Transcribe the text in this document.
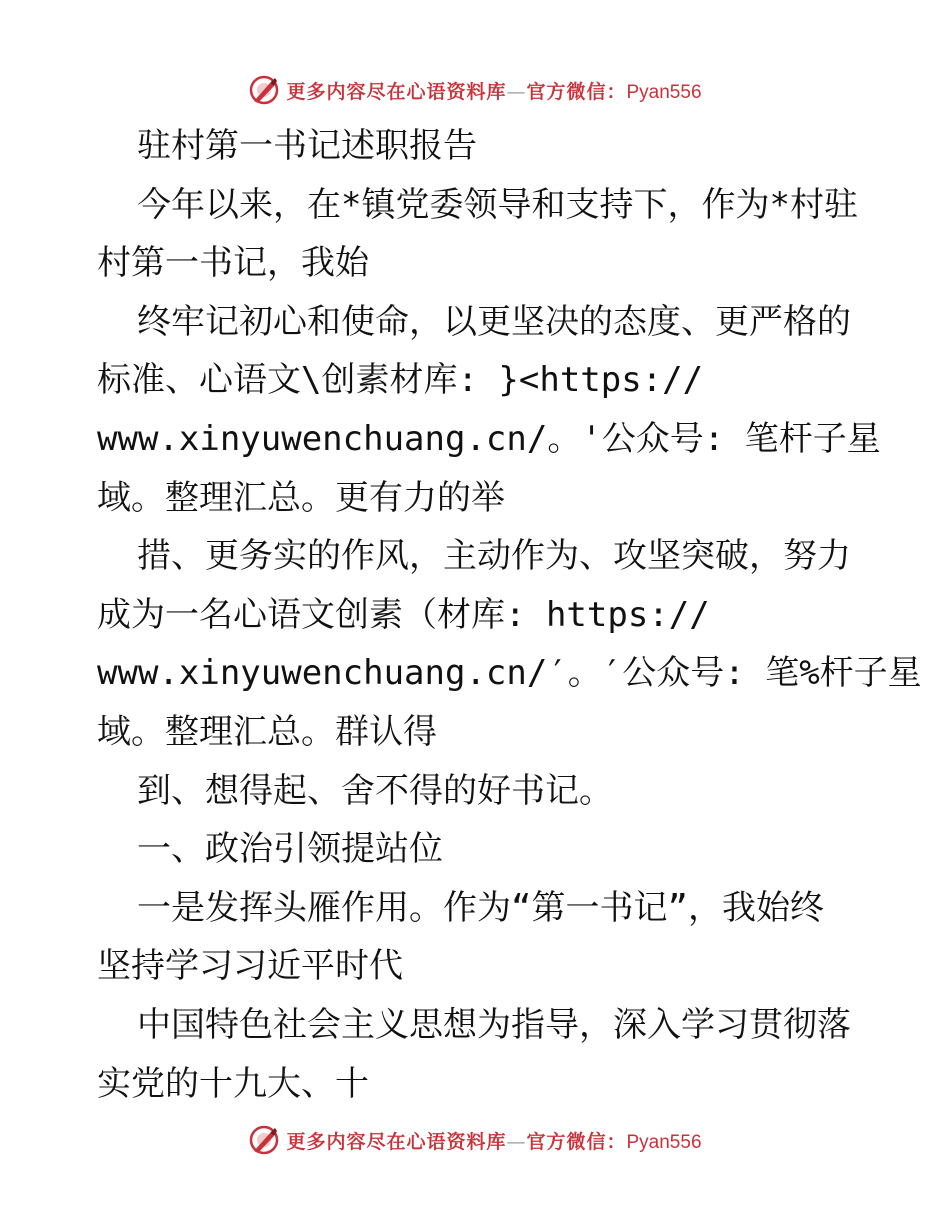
更多内容尽在心语资料库—官方微信：Pyan556
驻村第一书记述职报告
今年以来，在*镇党委领导和支持下，作为*村驻
村第一书记，我始
终牢记初心和使命，以更坚决的态度、更严格的
标准、心语文\创素材库: }<https://
www.xinyuwenchuang.cn/。'公众号: 笔杆子星
域。整理汇总。更有力的举
措、更务实的作风，主动作为、攻坚突破，努力
成为一名心语文创素（材库: https://
www.xinyuwenchuang.cn/′。′公众号: 笔%杆子星
域。整理汇总。群认得
到、想得起、舍不得的好书记。
一、政治引领提站位
一是发挥头雁作用。作为“第一书记”，我始终
坚持学习习近平时代
中国特色社会主义思想为指导，深入学习贯彻落
实党的十九大、十
更多内容尽在心语资料库—官方微信：Pyan556
